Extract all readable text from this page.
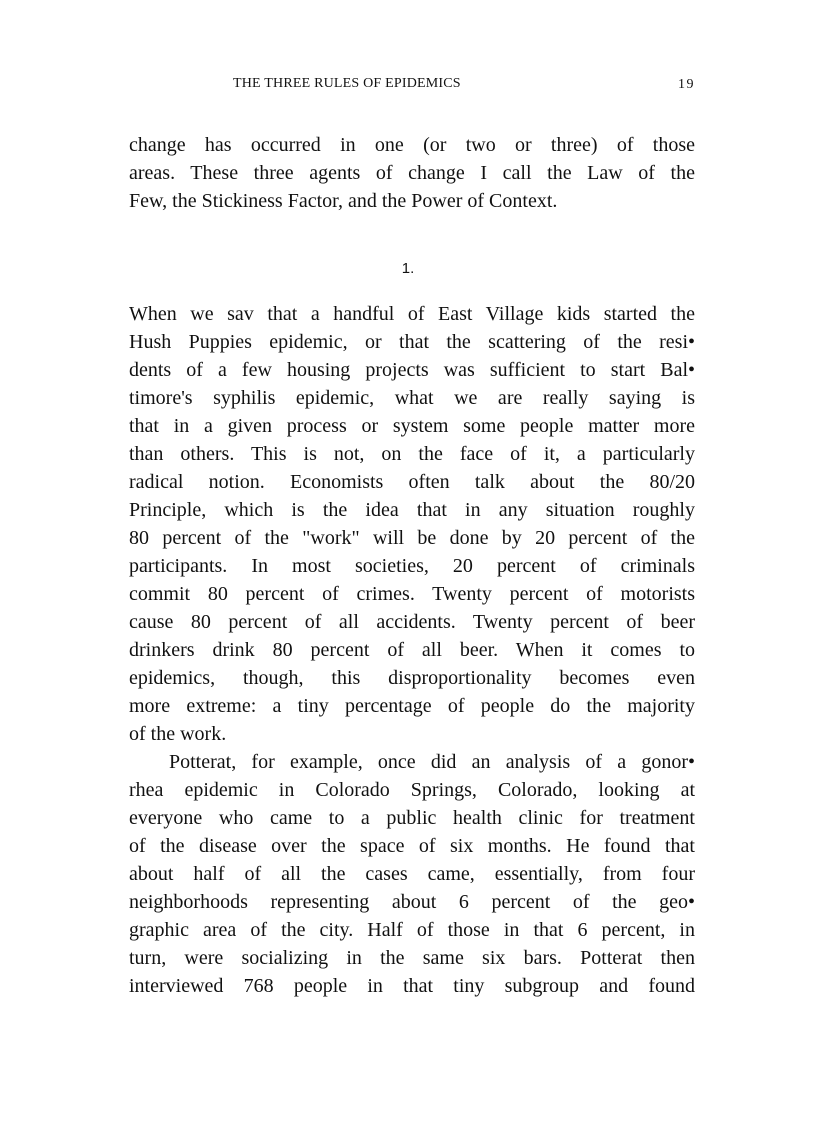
THE THREE RULES OF EPIDEMICS	19
change has occurred in one (or two or three) of those
areas. These three agents of change I call the Law of the
Few, the Stickiness Factor, and the Power of Context.
1.
When we sav that a handful of East Village kids started the
Hush Puppies epidemic, or that the scattering of the resi•
dents of a few housing projects was sufficient to start Bal•
timore's syphilis epidemic, what we are really saying is
that in a given process or system some people matter more
than others. This is not, on the face of it, a particularly
radical notion. Economists often talk about the 80/20
Principle, which is the idea that in any situation roughly
80 percent of the "work" will be done by 20 percent of the
participants. In most societies, 20 percent of criminals
commit 80 percent of crimes. Twenty percent of motorists
cause 80 percent of all accidents. Twenty percent of beer
drinkers drink 80 percent of all beer. When it comes to
epidemics, though, this disproportionality becomes even
more extreme: a tiny percentage of people do the majority
of the work.
Potterat, for example, once did an analysis of a gonor•
rhea epidemic in Colorado Springs, Colorado, looking at
everyone who came to a public health clinic for treatment
of the disease over the space of six months. He found that
about half of all the cases came, essentially, from four
neighborhoods representing about 6 percent of the geo•
graphic area of the city. Half of those in that 6 percent, in
turn, were socializing in the same six bars. Potterat then
interviewed 768 people in that tiny subgroup and found
